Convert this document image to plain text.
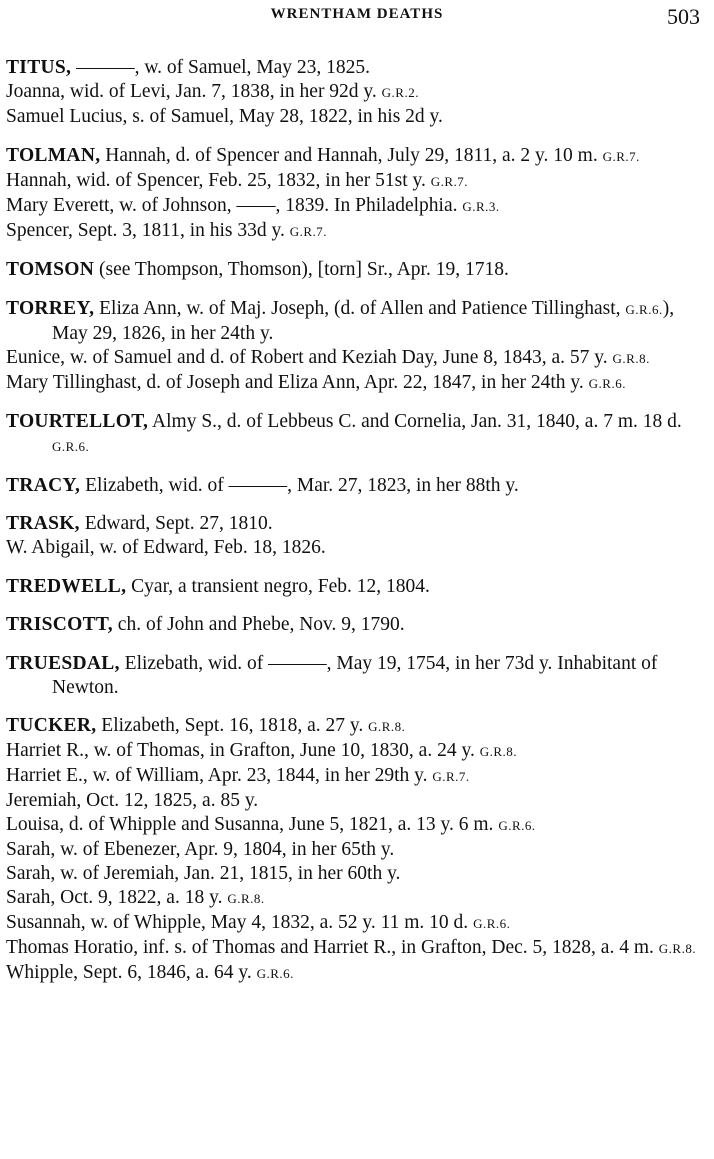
WRENTHAM DEATHS	503
TITUS, ———, w. of Samuel, May 23, 1825.
Joanna, wid. of Levi, Jan. 7, 1838, in her 92d y. G.R.2.
Samuel Lucius, s. of Samuel, May 28, 1822, in his 2d y.
TOLMAN, Hannah, d. of Spencer and Hannah, July 29, 1811, a. 2 y. 10 m. G.R.7.
Hannah, wid. of Spencer, Feb. 25, 1832, in her 51st y. G.R.7.
Mary Everett, w. of Johnson, ——, 1839. In Philadelphia. G.R.3.
Spencer, Sept. 3, 1811, in his 33d y. G.R.7.
TOMSON (see Thompson, Thomson), [torn] Sr., Apr. 19, 1718.
TORREY, Eliza Ann, w. of Maj. Joseph, (d. of Allen and Patience Tillinghast, G.R.6.), May 29, 1826, in her 24th y.
Eunice, w. of Samuel and d. of Robert and Keziah Day, June 8, 1843, a. 57 y. G.R.8.
Mary Tillinghast, d. of Joseph and Eliza Ann, Apr. 22, 1847, in her 24th y. G.R.6.
TOURTELLOT, Almy S., d. of Lebbeus C. and Cornelia, Jan. 31, 1840, a. 7 m. 18 d. G.R.6.
TRACY, Elizabeth, wid. of ———, Mar. 27, 1823, in her 88th y.
TRASK, Edward, Sept. 27, 1810.
W. Abigail, w. of Edward, Feb. 18, 1826.
TREDWELL, Cyar, a transient negro, Feb. 12, 1804.
TRISCOTT, ch. of John and Phebe, Nov. 9, 1790.
TRUESDAL, Elizebath, wid. of ———, May 19, 1754, in her 73d y. Inhabitant of Newton.
TUCKER, Elizabeth, Sept. 16, 1818, a. 27 y. G.R.8.
Harriet R., w. of Thomas, in Grafton, June 10, 1830, a. 24 y. G.R.8.
Harriet E., w. of William, Apr. 23, 1844, in her 29th y. G.R.7.
Jeremiah, Oct. 12, 1825, a. 85 y.
Louisa, d. of Whipple and Susanna, June 5, 1821, a. 13 y. 6 m. G.R.6.
Sarah, w. of Ebenezer, Apr. 9, 1804, in her 65th y.
Sarah, w. of Jeremiah, Jan. 21, 1815, in her 60th y.
Sarah, Oct. 9, 1822, a. 18 y. G.R.8.
Susannah, w. of Whipple, May 4, 1832, a. 52 y. 11 m. 10 d. G.R.6.
Thomas Horatio, inf. s. of Thomas and Harriet R., in Grafton, Dec. 5, 1828, a. 4 m. G.R.8.
Whipple, Sept. 6, 1846, a. 64 y. G.R.6.
